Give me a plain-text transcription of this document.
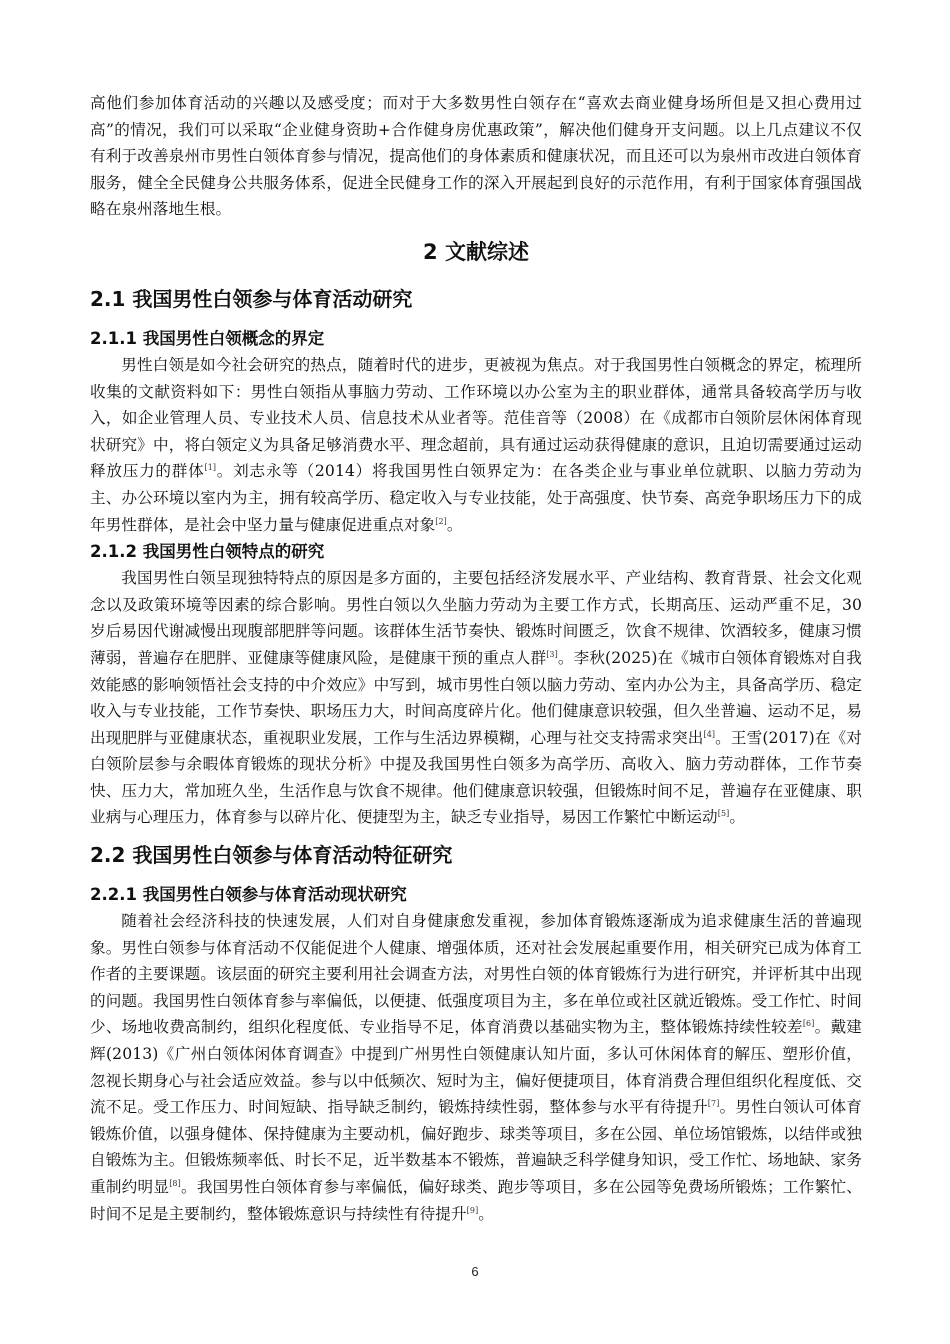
高他们参加体育活动的兴趣以及感受度；而对于大多数男性白领存在“喜欢去商业健身场所但是又担心费用过高”的情况，我们可以采取“企业健身资助+合作健身房优惠政策”，解决他们健身开支问题。以上几点建议不仅有利于改善泉州市男性白领体育参与情况，提高他们的身体素质和健康状况，而且还可以为泉州市改进白领体育服务，健全全民健身公共服务体系，促进全民健身工作的深入开展起到良好的示范作用，有利于国家体育强国战略在泉州落地生根。

2 文献综述
2.1 我国男性白领参与体育活动研究
2.1.1 我国男性白领概念的界定

男性白领是如今社会研究的热点，随着时代的进步，更被视为焦点。对于我国男性白领概念的界定，梳理所收集的文献资料如下：男性白领指从事脑力劳动、工作环境以办公室为主的职业群体，通常具备较高学历与收入，如企业管理人员、专业技术人员、信息技术从业者等。范佳音等（2008）在《成都市白领阶层休闲体育现状研究》中，将白领定义为具备足够消费水平、理念超前，具有通过运动获得健康的意识，且迫切需要通过运动释放压力的群体[1]。刘志永等（2014）将我国男性白领界定为：在各类企业与事业单位就职、以脑力劳动为主、办公环境以室内为主，拥有较高学历、稳定收入与专业技能，处于高强度、快节奏、高竞争职场压力下的成年男性群体，是社会中坚力量与健康促进重点对象[2]。

2.1.2 我国男性白领特点的研究

我国男性白领呈现独特特点的原因是多方面的，主要包括经济发展水平、产业结构、教育背景、社会文化观念以及政策环境等因素的综合影响。男性白领以久坐脑力劳动为主要工作方式，长期高压、运动严重不足，30 岁后易因代谢减慢出现腹部肥胖等问题。该群体生活节奏快、锻炼时间匮乏，饮食不规律、饮酒较多，健康习惯薄弱，普遍存在肥胖、亚健康等健康风险，是健康干预的重点人群[3]。李秋(2025)在《城市白领体育锻炼对自我效能感的影响领悟社会支持的中介效应》中写到，城市男性白领以脑力劳动、室内办公为主，具备高学历、稳定收入与专业技能，工作节奏快、职场压力大，时间高度碎片化。他们健康意识较强，但久坐普遍、运动不足，易出现肥胖与亚健康状态，重视职业发展，工作与生活边界模糊，心理与社交支持需求突出[4]。王雪(2017)在《对白领阶层参与余暇体育锻炼的现状分析》中提及我国男性白领多为高学历、高收入、脑力劳动群体，工作节奏快、压力大，常加班久坐，生活作息与饮食不规律。他们健康意识较强，但锻炼时间不足，普遍存在亚健康、职业病与心理压力，体育参与以碎片化、便捷型为主，缺乏专业指导，易因工作繁忙中断运动[5]。

2.2 我国男性白领参与体育活动特征研究
2.2.1 我国男性白领参与体育活动现状研究

随着社会经济科技的快速发展，人们对自身健康愈发重视，参加体育锻炼逐渐成为追求健康生活的普遍现象。男性白领参与体育活动不仅能促进个人健康、增强体质，还对社会发展起重要作用，相关研究已成为体育工作者的主要课题。该层面的研究主要利用社会调查方法，对男性白领的体育锻炼行为进行研究，并评析其中出现的问题。我国男性白领体育参与率偏低，以便捷、低强度项目为主，多在单位或社区就近锻炼。受工作忙、时间少、场地收费高制约，组织化程度低、专业指导不足，体育消费以基础实物为主，整体锻炼持续性较差[6]。戴建辉(2013)《广州白领体闲体育调查》中提到广州男性白领健康认知片面，多认可休闲体育的解压、塑形价值，忽视长期身心与社会适应效益。参与以中低频次、短时为主，偏好便捷项目，体育消费合理但组织化程度低、交流不足。受工作压力、时间短缺、指导缺乏制约，锻炼持续性弱，整体参与水平有待提升[7]。男性白领认可体育锻炼价值，以强身健体、保持健康为主要动机，偏好跑步、球类等项目，多在公园、单位场馆锻炼，以结伴或独自锻炼为主。但锻炼频率低、时长不足，近半数基本不锻炼，普遍缺乏科学健身知识，受工作忙、场地缺、家务重制约明显[8]。我国男性白领体育参与率偏低，偏好球类、跑步等项目，多在公园等免费场所锻炼；工作繁忙、时间不足是主要制约，整体锻炼意识与持续性有待提升[9]。

6
